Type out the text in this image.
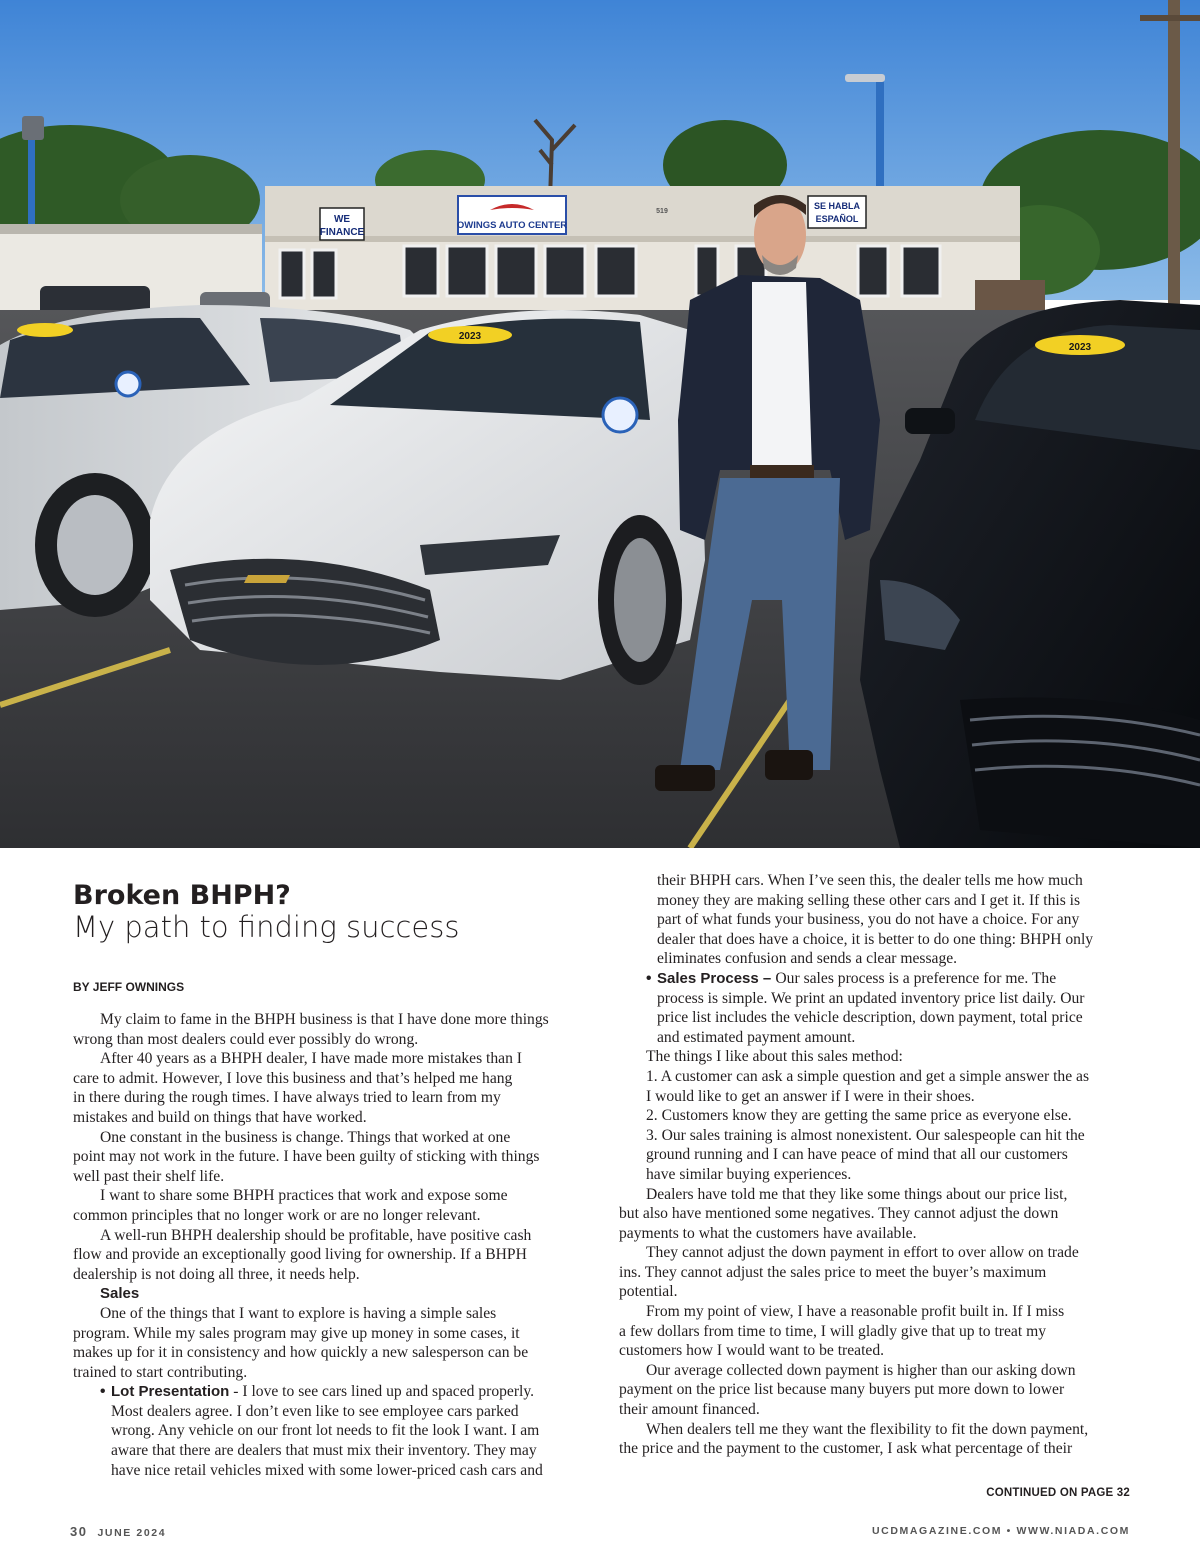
WE
FINANCE
OWINGS AUTO CENTER
519
SE HABLA
ESPAÑOL
2023
2023
Broken BHPH?
My path to finding success
BY JEFF OWNINGS

My claim to fame in the BHPH business is that I have done more things
wrong than most dealers could ever possibly do wrong.

After 40 years as a BHPH dealer, I have made more mistakes than I
care to admit. However, I love this business and that’s helped me hang
in there during the rough times. I have always tried to learn from my
mistakes and build on things that have worked.

One constant in the business is change. Things that worked at one
point may not work in the future. I have been guilty of sticking with things
well past their shelf life.

I want to share some BHPH practices that work and expose some
common principles that no longer work or are no longer relevant.

A well-run BHPH dealership should be profitable, have positive cash
flow and provide an exceptionally good living for ownership. If a BHPH
dealership is not doing all three, it needs help.

Sales

One of the things that I want to explore is having a simple sales
program. While my sales program may give up money in some cases, it
makes up for it in consistency and how quickly a new salesperson can be
trained to start contributing.

• Lot Presentation - I love to see cars lined up and spaced properly.
Most dealers agree. I don’t even like to see employee cars parked
wrong. Any vehicle on our front lot needs to fit the look I want. I am
aware that there are dealers that must mix their inventory. They may
have nice retail vehicles mixed with some lower-priced cash cars and

their BHPH cars. When I’ve seen this, the dealer tells me how much
money they are making selling these other cars and I get it. If this is
part of what funds your business, you do not have a choice. For any
dealer that does have a choice, it is better to do one thing: BHPH only
eliminates confusion and sends a clear message.

• Sales Process – Our sales process is a preference for me. The
process is simple. We print an updated inventory price list daily. Our
price list includes the vehicle description, down payment, total price
and estimated payment amount.

The things I like about this sales method:

1. A customer can ask a simple question and get a simple answer the as
I would like to get an answer if I were in their shoes.

2. Customers know they are getting the same price as everyone else.

3. Our sales training is almost nonexistent. Our salespeople can hit the
ground running and I can have peace of mind that all our customers
have similar buying experiences.

Dealers have told me that they like some things about our price list,
but also have mentioned some negatives. They cannot adjust the down
payments to what the customers have available.

They cannot adjust the down payment in effort to over allow on trade
ins. They cannot adjust the sales price to meet the buyer’s maximum
potential.

From my point of view, I have a reasonable profit built in. If I miss
a few dollars from time to time, I will gladly give that up to treat my
customers how I would want to be treated.

Our average collected down payment is higher than our asking down
payment on the price list because many buyers put more down to lower
their amount financed.

When dealers tell me they want the flexibility to fit the down payment,
the price and the payment to the customer, I ask what percentage of their

CONTINUED ON PAGE 32
30 JUNE 2024	UCDMAGAZINE.COM • WWW.NIADA.COM
